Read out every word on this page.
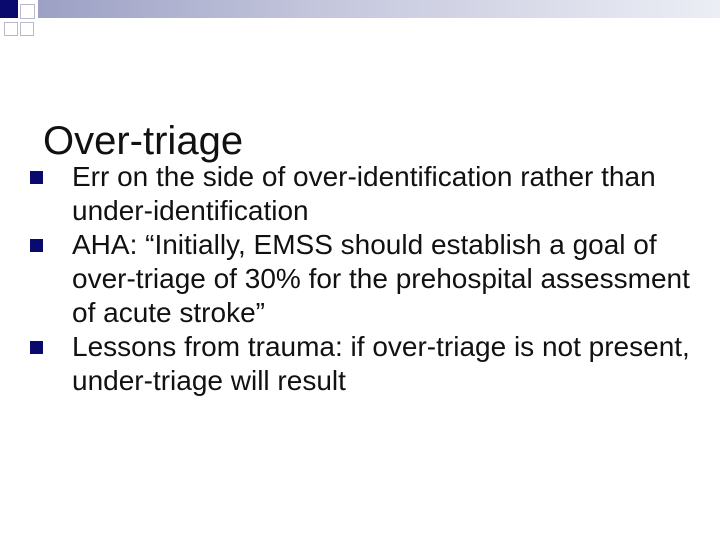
Over-triage
Err on the side of over-identification rather than under-identification
AHA: “Initially, EMSS should establish a goal of over-triage of 30% for the prehospital assessment of acute stroke”
Lessons from trauma: if over-triage is not present, under-triage will result
